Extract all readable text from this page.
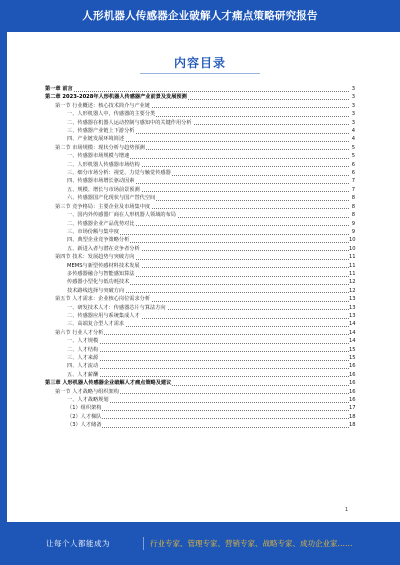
人形机器人传感器企业破解人才痛点策略研究报告
内容目录
第一章 前言	3
第二章 2023-2028年人形机器人传感器产业前景及发展预测	3
第一节 行业概述：核心技术简介与产业链	3
一、人形机器人中，传感器的主要分类	3
二、传感器在机器人运动控制与感知中的关键作用分析	3
三、传感器产业链上下游分析	4
四、产业链发展环境简述	4
第二节 市场规模：现状分析与趋势预测	5
一、传感器市场规模与增速	5
二、人形机器人传感器市场结构	6
三、细分市场分析：视觉、力觉与触觉传感器	6
四、传感器市场增长驱动因素	7
五、规模、增长与市场前景预测	7
六、传感器国产化现状与国产替代空间	8
第三节 竞争格局：主要企业及市场集中度	8
一、国内外传感器厂商在人形机器人领域的布局	8
二、传感器企业产品优势对比	9
三、市场份额与集中度	9
四、典型企业竞争策略分析	10
五、新进入者与潜在竞争者分析	10
第四节 技术：发展趋势与突破方向	11
MEMS与新型传感材料技术发展	11
多传感器融合与智能感知算法	11
传感器小型化与低功耗技术	12
技术路线选择与突破方向	12
第五节 人才需求：企业核心岗位需求分析	13
一、研发技术人才：传感器芯片与算法方向	13
二、传感器应用与系统集成人才	13
三、高端复合型人才需求	14
第六节 行业人才分析	14
一、人才规模	14
二、人才结构	15
三、人才来源	15
四、人才流动	16
五、人才薪酬	16
第三章 人形机器人传感器企业破解人才痛点策略及建议	16
第一节 人才战略与组织架构	16
一、人才战略规划	16
（1）组织架构	17
（2）人才梯队	18
（3）人才储备	18
1
让每个人都能成为	行业专家、管理专家、营销专家、战略专家、成功企业家……
